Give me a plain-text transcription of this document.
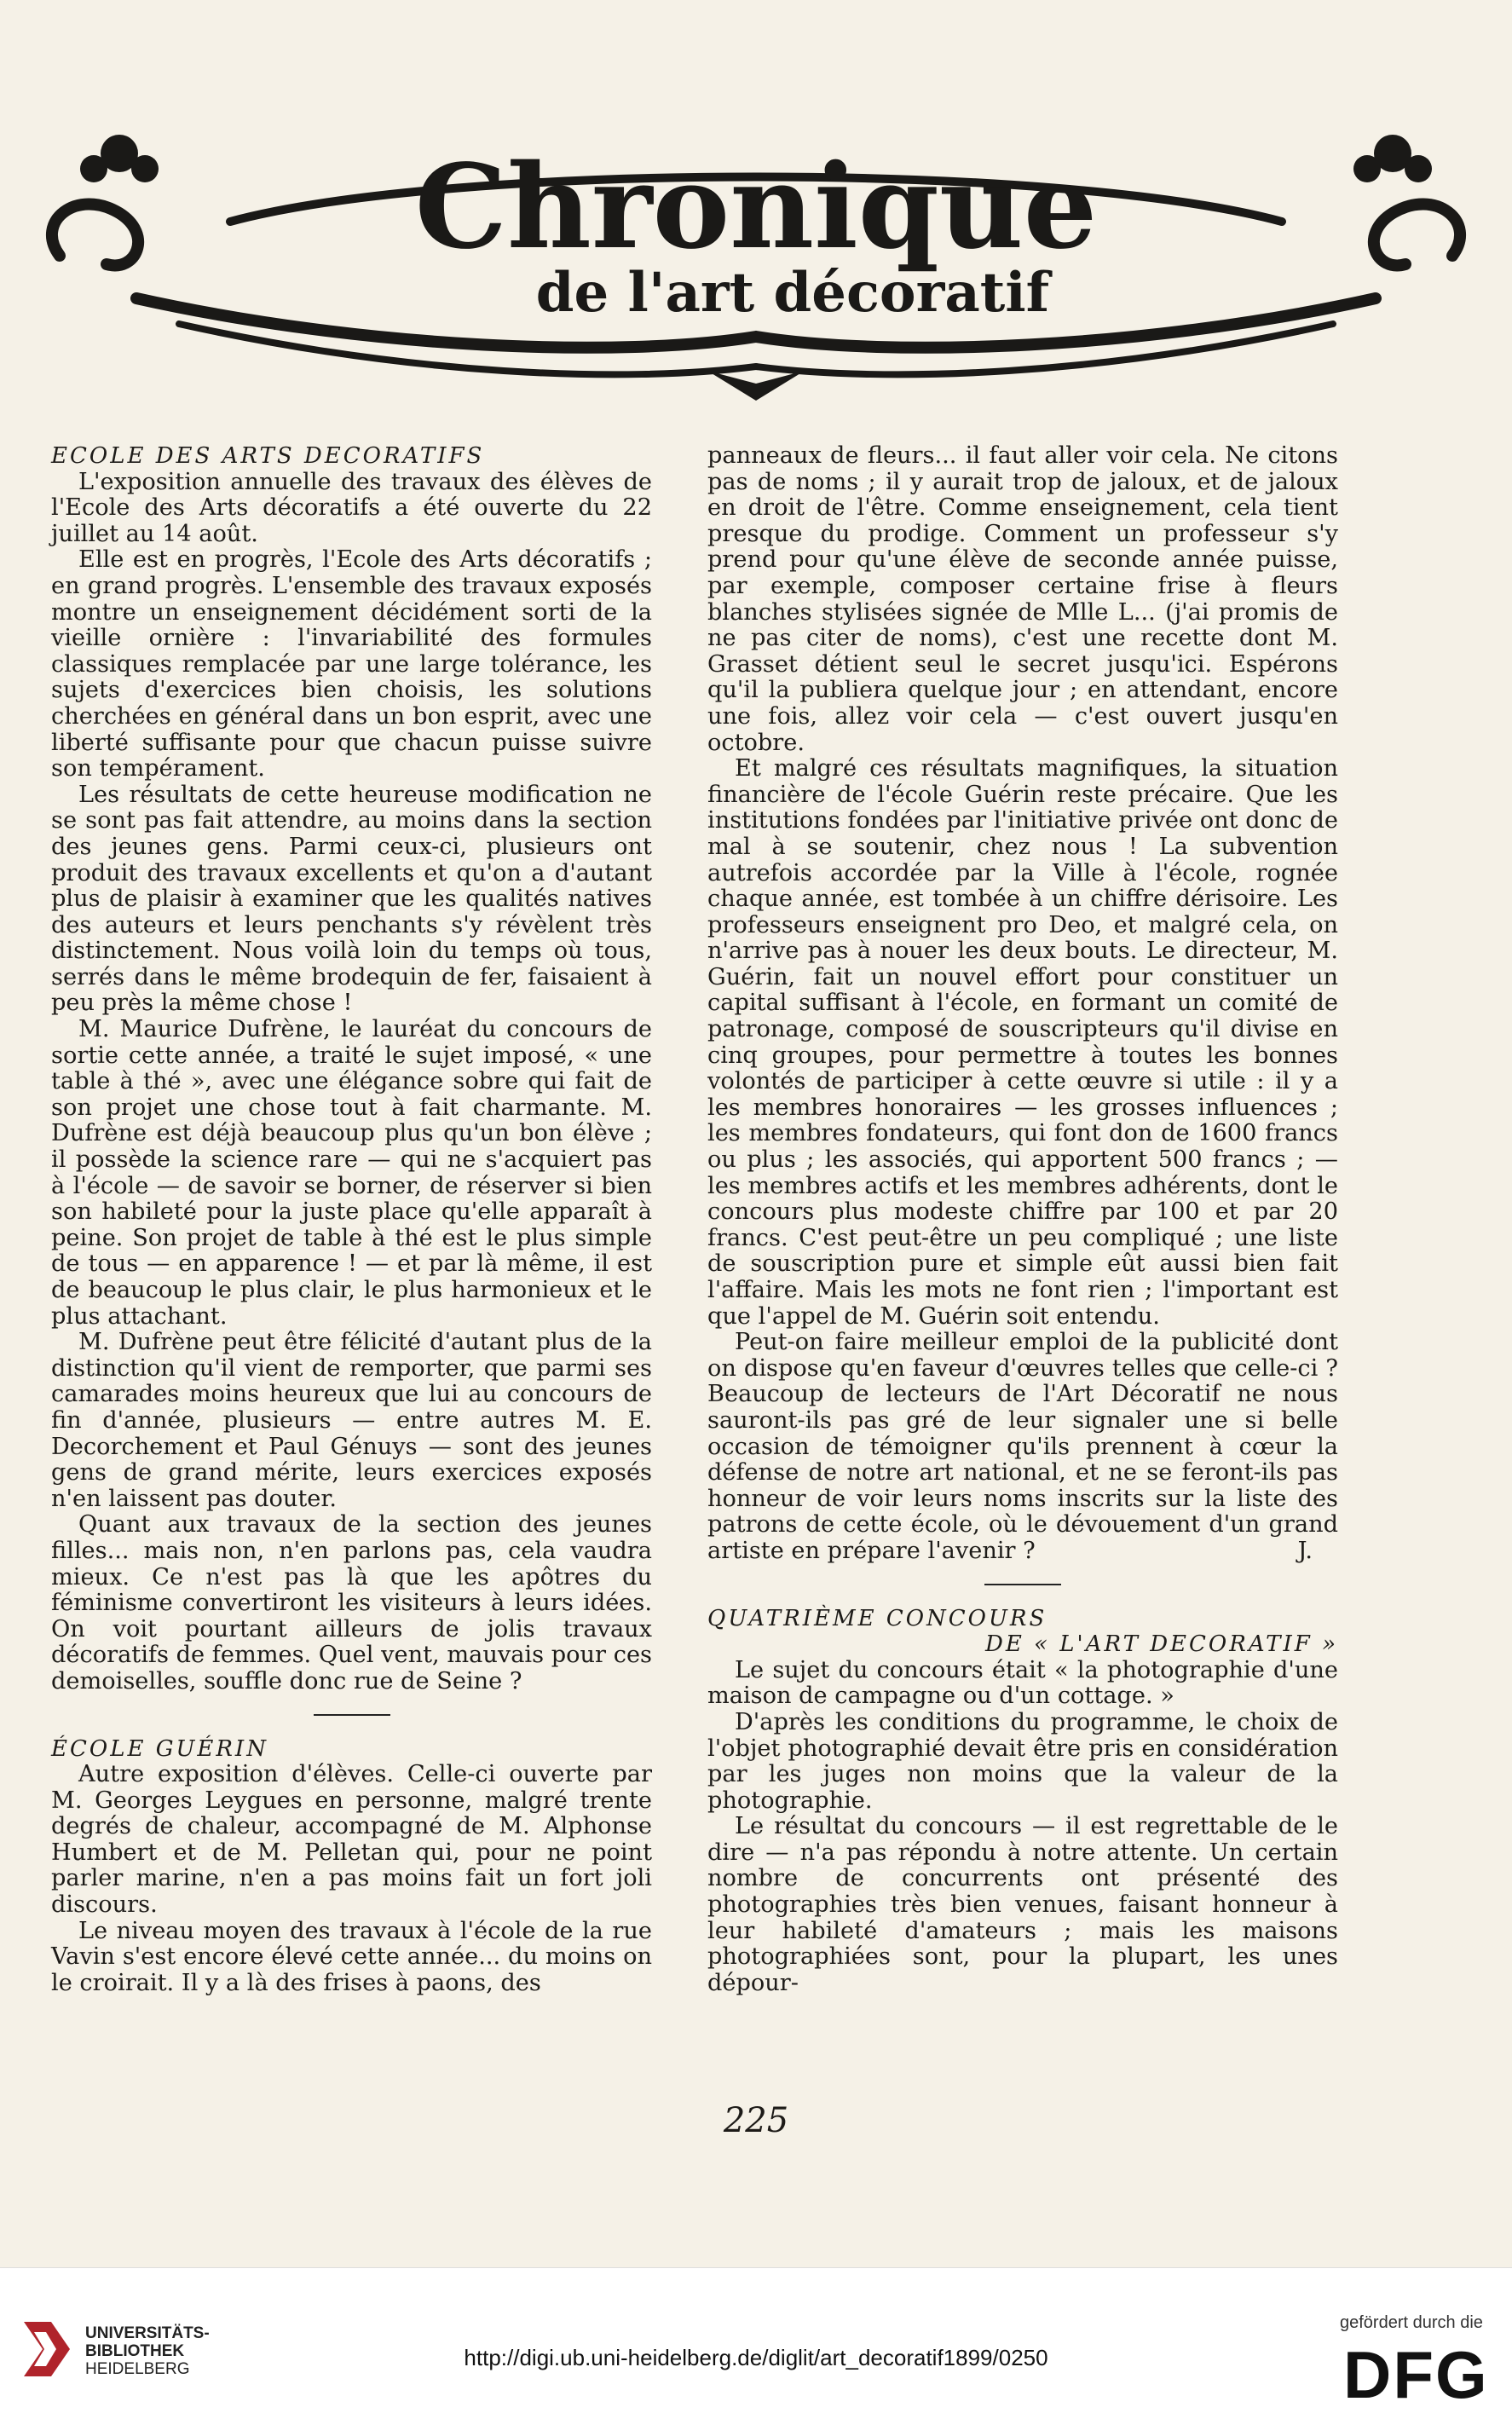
Chronique
de l'art décoratif

ECOLE DES ARTS DECORATIFS

L'exposition annuelle des travaux des élèves de l'Ecole des Arts décoratifs a été ouverte du 22 juillet au 14 août.

Elle est en progrès, l'Ecole des Arts décoratifs ; en grand progrès. L'ensemble des travaux exposés montre un enseignement décidément sorti de la vieille ornière : l'invariabilité des formules classiques remplacée par une large tolérance, les sujets d'exercices bien choisis, les solutions cherchées en général dans un bon esprit, avec une liberté suffisante pour que chacun puisse suivre son tempérament.

Les résultats de cette heureuse modification ne se sont pas fait attendre, au moins dans la section des jeunes gens. Parmi ceux-ci, plusieurs ont produit des travaux excellents et qu'on a d'autant plus de plaisir à examiner que les qualités natives des auteurs et leurs penchants s'y révèlent très distinctement. Nous voilà loin du temps où tous, serrés dans le même brodequin de fer, faisaient à peu près la même chose !

M. Maurice Dufrène, le lauréat du concours de sortie cette année, a traité le sujet imposé, « une table à thé », avec une élégance sobre qui fait de son projet une chose tout à fait charmante. M. Dufrène est déjà beaucoup plus qu'un bon élève ; il possède la science rare — qui ne s'acquiert pas à l'école — de savoir se borner, de réserver si bien son habileté pour la juste place qu'elle apparaît à peine. Son projet de table à thé est le plus simple de tous — en apparence ! — et par là même, il est de beaucoup le plus clair, le plus harmonieux et le plus attachant.

M. Dufrène peut être félicité d'autant plus de la distinction qu'il vient de remporter, que parmi ses camarades moins heureux que lui au concours de fin d'année, plusieurs — entre autres M. E. Decorchement et Paul Génuys — sont des jeunes gens de grand mérite, leurs exercices exposés n'en laissent pas douter.

Quant aux travaux de la section des jeunes filles... mais non, n'en parlons pas, cela vaudra mieux. Ce n'est pas là que les apôtres du féminisme convertiront les visiteurs à leurs idées. On voit pourtant ailleurs de jolis travaux décoratifs de femmes. Quel vent, mauvais pour ces demoiselles, souffle donc rue de Seine ?

ÉCOLE GUÉRIN

Autre exposition d'élèves. Celle-ci ouverte par M. Georges Leygues en personne, malgré trente degrés de chaleur, accompagné de M. Alphonse Humbert et de M. Pelletan qui, pour ne point parler marine, n'en a pas moins fait un fort joli discours.

Le niveau moyen des travaux à l'école de la rue Vavin s'est encore élevé cette année... du moins on le croirait. Il y a là des frises à paons, des

panneaux de fleurs... il faut aller voir cela. Ne citons pas de noms ; il y aurait trop de jaloux, et de jaloux en droit de l'être. Comme enseignement, cela tient presque du prodige. Comment un professeur s'y prend pour qu'une élève de seconde année puisse, par exemple, composer certaine frise à fleurs blanches stylisées signée de Mlle L... (j'ai promis de ne pas citer de noms), c'est une recette dont M. Grasset détient seul le secret jusqu'ici. Espérons qu'il la publiera quelque jour ; en attendant, encore une fois, allez voir cela — c'est ouvert jusqu'en octobre.

Et malgré ces résultats magnifiques, la situation financière de l'école Guérin reste précaire. Que les institutions fondées par l'initiative privée ont donc de mal à se soutenir, chez nous ! La subvention autrefois accordée par la Ville à l'école, rognée chaque année, est tombée à un chiffre dérisoire. Les professeurs enseignent pro Deo, et malgré cela, on n'arrive pas à nouer les deux bouts. Le directeur, M. Guérin, fait un nouvel effort pour constituer un capital suffisant à l'école, en formant un comité de patronage, composé de souscripteurs qu'il divise en cinq groupes, pour permettre à toutes les bonnes volontés de participer à cette œuvre si utile : il y a les membres honoraires — les grosses influences ; les membres fondateurs, qui font don de 1600 francs ou plus ; les associés, qui apportent 500 francs ; — les membres actifs et les membres adhérents, dont le concours plus modeste chiffre par 100 et par 20 francs. C'est peut-être un peu compliqué ; une liste de souscription pure et simple eût aussi bien fait l'affaire. Mais les mots ne font rien ; l'important est que l'appel de M. Guérin soit entendu.

Peut-on faire meilleur emploi de la publicité dont on dispose qu'en faveur d'œuvres telles que celle-ci ? Beaucoup de lecteurs de l'Art Décoratif ne nous sauront-ils pas gré de leur signaler une si belle occasion de témoigner qu'ils prennent à cœur la défense de notre art national, et ne se feront-ils pas honneur de voir leurs noms inscrits sur la liste des patrons de cette école, où le dévouement d'un grand artiste en prépare l'avenir ?	J.

QUATRIÈME CONCOURS

DE « L'ART DECORATIF »

Le sujet du concours était « la photographie d'une maison de campagne ou d'un cottage. »

D'après les conditions du programme, le choix de l'objet photographié devait être pris en considération par les juges non moins que la valeur de la photographie.

Le résultat du concours — il est regrettable de le dire — n'a pas répondu à notre attente. Un certain nombre de concurrents ont présenté des photographies très bien venues, faisant honneur à leur habileté d'amateurs ; mais les maisons photographiées sont, pour la plupart, les unes dépour-

225
UNIVERSITÄTS-
BIBLIOTHEK
HEIDELBERG	http://digi.ub.uni-heidelberg.de/diglit/art_decoratif1899/0250
gefördert durch die
DFG
